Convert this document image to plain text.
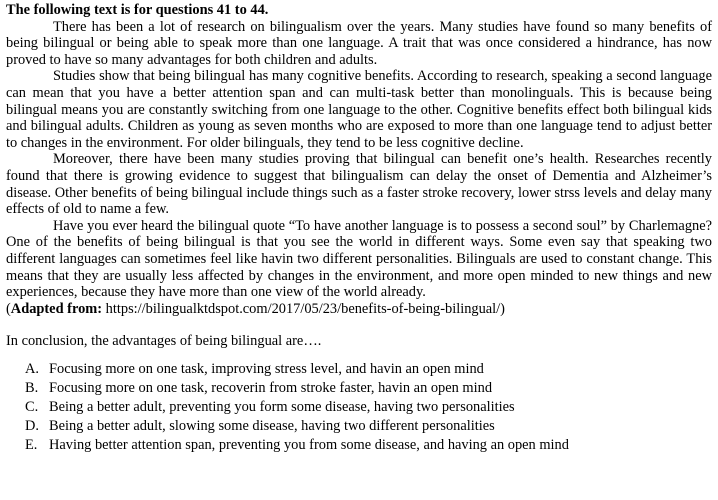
The following text is for questions 41 to 44.

There has been a lot of research on bilingualism over the years. Many studies have found so many benefits of being bilingual or being able to speak more than one language. A trait that was once considered a hindrance, has now proved to have so many advantages for both children and adults.

Studies show that being bilingual has many cognitive benefits. According to research, speaking a second language can mean that you have a better attention span and can multi-task better than monolinguals. This is because being bilingual means you are constantly switching from one language to the other. Cognitive benefits effect both bilingual kids and bilingual adults. Children as young as seven months who are exposed to more than one language tend to adjust better to changes in the environment. For older bilinguals, they tend to be less cognitive decline.

Moreover, there have been many studies proving that bilingual can benefit one’s health. Researches recently found that there is growing evidence to suggest that bilingualism can delay the onset of Dementia and Alzheimer’s disease. Other benefits of being bilingual include things such as a faster stroke recovery, lower strss levels and delay many effects of old to name a few.

Have you ever heard the bilingual quote “To have another language is to possess a second soul” by Charlemagne? One of the benefits of being bilingual is that you see the world in different ways. Some even say that speaking two different languages can sometimes feel like havin two different personalities. Bilinguals are used to constant change. This means that they are usually less affected by changes in the environment, and more open minded to new things and new experiences, because they have more than one view of the world already.

(Adapted from: https://bilingualktdspot.com/2017/05/23/benefits-of-being-bilingual/)

In conclusion, the advantages of being bilingual are….

A. Focusing more on one task, improving stress level, and havin an open mind
B. Focusing more on one task, recoverin from stroke faster, havin an open mind
C. Being a better adult, preventing you form some disease, having two personalities
D. Being a better adult, slowing some disease, having two different personalities
E. Having better attention span, preventing you from some disease, and having an open mind
